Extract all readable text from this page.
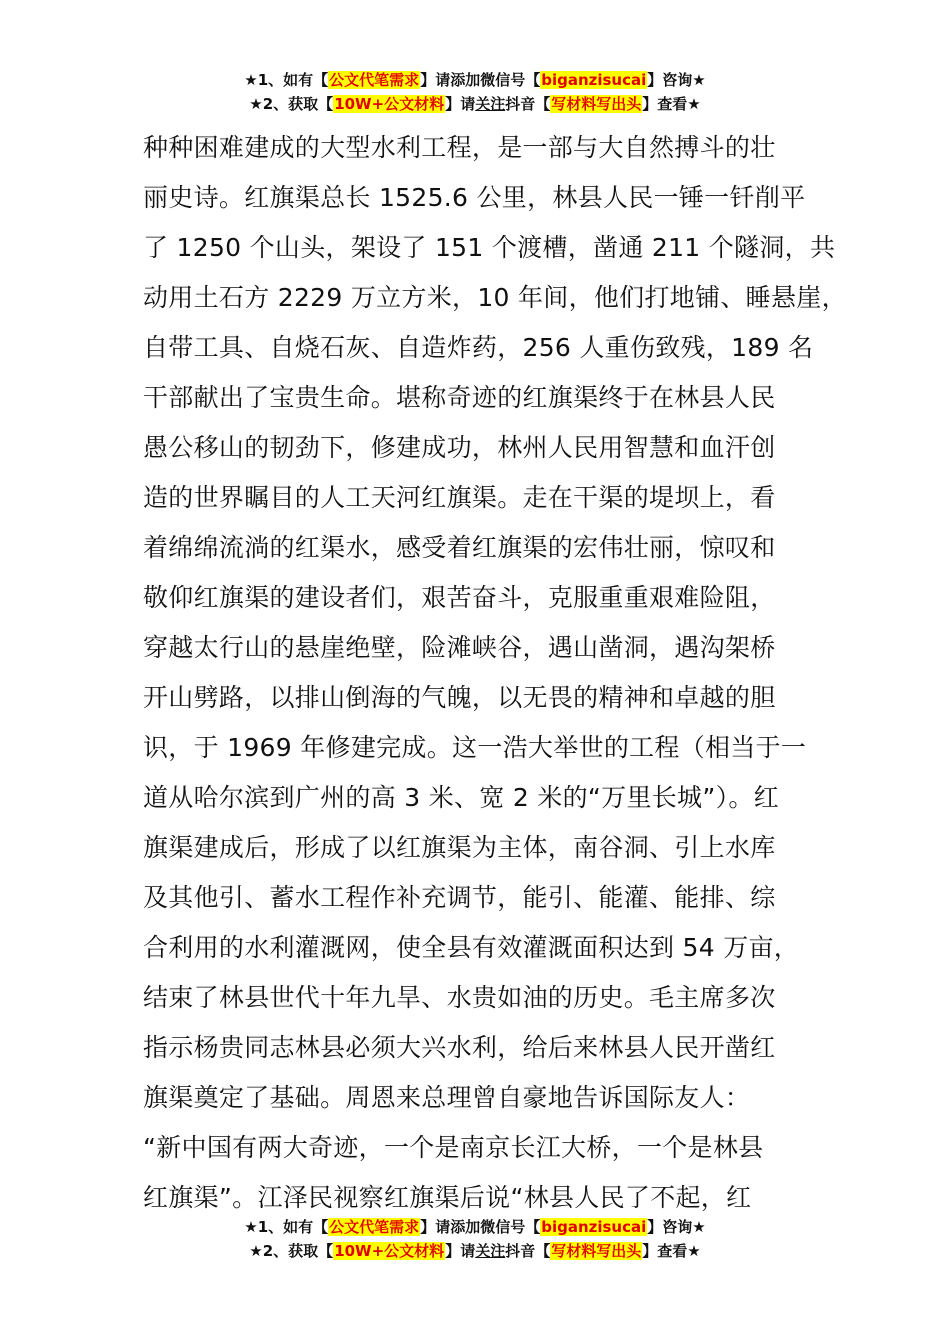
★1、如有【公文代笔需求】请添加微信号【biganzisucai】咨询★
★2、获取【10W+公文材料】请关注抖音【写材料写出头】查看★
种种困难建成的大型水利工程，是一部与大自然搏斗的壮
丽史诗。红旗渠总长 1525.6 公里，林县人民一锤一钎削平
了 1250 个山头，架设了 151 个渡槽，凿通 211 个隧洞，共
动用土石方 2229 万立方米，10 年间，他们打地铺、睡悬崖，
自带工具、自烧石灰、自造炸药，256 人重伤致残，189 名
干部献出了宝贵生命。堪称奇迹的红旗渠终于在林县人民
愚公移山的韧劲下，修建成功，林州人民用智慧和血汗创
造的世界瞩目的人工天河红旗渠。走在干渠的堤坝上，看
着绵绵流淌的红渠水，感受着红旗渠的宏伟壮丽，惊叹和
敬仰红旗渠的建设者们，艰苦奋斗，克服重重艰难险阻，
穿越太行山的悬崖绝壁，险滩峡谷，遇山凿洞，遇沟架桥
开山劈路，以排山倒海的气魄，以无畏的精神和卓越的胆
识，于 1969 年修建完成。这一浩大举世的工程（相当于一
道从哈尔滨到广州的高 3 米、宽 2 米的“万里长城”）。红
旗渠建成后，形成了以红旗渠为主体，南谷洞、引上水库
及其他引、蓄水工程作补充调节，能引、能灌、能排、综
合利用的水利灌溉网，使全县有效灌溉面积达到 54 万亩，
结束了林县世代十年九旱、水贵如油的历史。毛主席多次
指示杨贵同志林县必须大兴水利，给后来林县人民开凿红
旗渠奠定了基础。周恩来总理曾自豪地告诉国际友人：
“新中国有两大奇迹，一个是南京长江大桥，一个是林县
红旗渠”。江泽民视察红旗渠后说“林县人民了不起，红
★1、如有【公文代笔需求】请添加微信号【biganzisucai】咨询★
★2、获取【10W+公文材料】请关注抖音【写材料写出头】查看★
